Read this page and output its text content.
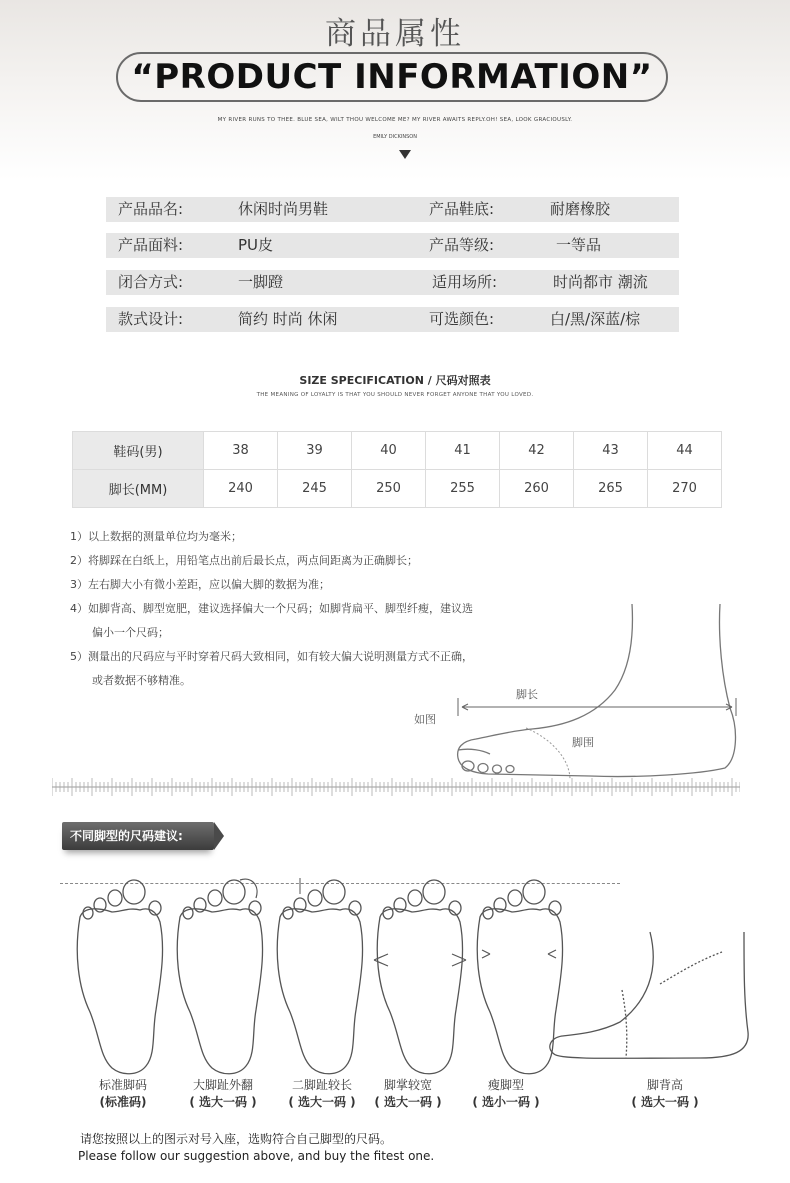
商品属性
“PRODUCT INFORMATION”
MY RIVER RUNS TO THEE. BLUE SEA, WILT THOU WELCOME ME? MY RIVER AWAITS REPLY.OH! SEA, LOOK GRACIOUSLY.
EMILY DICKINSON
产品品名:	休闲时尚男鞋	产品鞋底:	耐磨橡胶
产品面料:	PU皮	产品等级:	一等品
闭合方式:	一脚蹬	适用场所:	时尚都市 潮流
款式设计:	简约 时尚 休闲	可选颜色:	白/黑/深蓝/棕
SIZE SPECIFICATION / 尺码对照表
THE MEANING OF LOYALTY IS THAT YOU SHOULD NEVER FORGET ANYONE THAT YOU LOVED.
鞋码(男)	38	39	40	41	42	43	44
脚长(MM)	240	245	250	255	260	265	270
1）以上数据的测量单位均为毫米；
2）将脚踩在白纸上，用铅笔点出前后最长点，两点间距离为正确脚长；
3）左右脚大小有微小差距，应以偏大脚的数据为准；
4）如脚背高、脚型宽肥，建议选择偏大一个尺码；如脚背扁平、脚型纤瘦，建议选
偏小一个尺码；
5）测量出的尺码应与平时穿着尺码大致相同，如有较大偏大说明测量方式不正确，
或者数据不够精准。
脚长
脚围
如图
不同脚型的尺码建议:
标准脚码
(标准码)
大脚趾外翻
( 选大一码 )
二脚趾较长
( 选大一码 )
脚掌较宽
( 选大一码 )
瘦脚型
( 选小一码 )
脚背高
( 选大一码 )
请您按照以上的图示对号入座，选购符合自己脚型的尺码。
Please follow our suggestion above, and buy the fitest one.
